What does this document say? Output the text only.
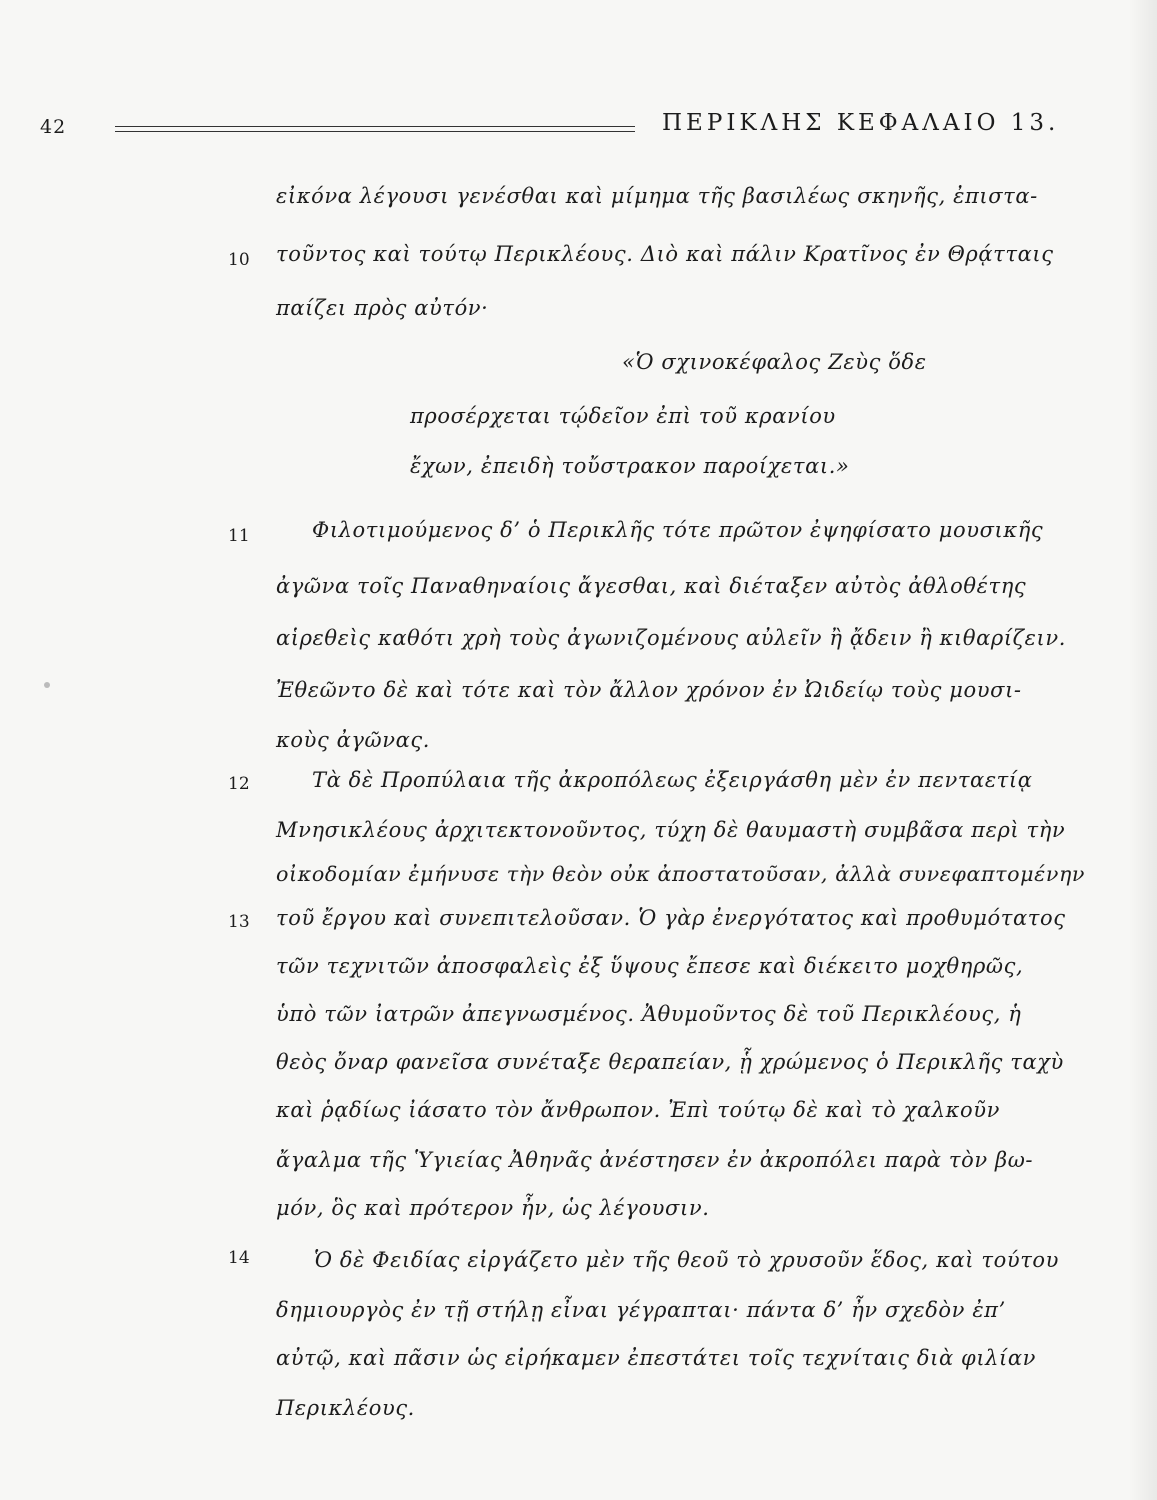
42	ΠΕΡΙΚΛΗΣ ΚΕΦΑΛΑΙΟ 13.
10
11
12
13
14
εἰκόνα λέγουσι γενέσθαι καὶ μίμημα τῆς βασιλέως σκηνῆς, ἐπιστα-
τοῦντος καὶ τούτῳ Περικλέους. Διὸ καὶ πάλιν Κρατῖνος ἐν Θρᾴτταις
παίζει πρὸς αὐτόν·
«Ὁ σχινοκέφαλος Ζεὺς ὅδε
προσέρχεται τῴδεῖον ἐπὶ τοῦ κρανίου
ἔχων, ἐπειδὴ τοὔστρακον παροίχεται.»
Φιλοτιμούμενος δ’ ὁ Περικλῆς τότε πρῶτον ἐψηφίσατο μουσικῆς
ἀγῶνα τοῖς Παναθηναίοις ἄγεσθαι, καὶ διέταξεν αὐτὸς ἀθλοθέτης
αἱρεθεὶς καθότι χρὴ τοὺς ἀγωνιζομένους αὐλεῖν ἢ ᾄδειν ἢ κιθαρίζειν.
Ἐθεῶντο δὲ καὶ τότε καὶ τὸν ἄλλον χρόνον ἐν Ὠιδείῳ τοὺς μουσι-
κοὺς ἀγῶνας.
Τὰ δὲ Προπύλαια τῆς ἀκροπόλεως ἐξειργάσθη μὲν ἐν πενταετίᾳ
Μνησικλέους ἀρχιτεκτονοῦντος, τύχη δὲ θαυμαστὴ συμβᾶσα περὶ τὴν
οἰκοδομίαν ἐμήνυσε τὴν θεὸν οὐκ ἀποστατοῦσαν, ἀλλὰ συνεφαπτομένην
τοῦ ἔργου καὶ συνεπιτελοῦσαν. Ὁ γὰρ ἐνεργότατος καὶ προθυμότατος
τῶν τεχνιτῶν ἀποσφαλεὶς ἐξ ὕψους ἔπεσε καὶ διέκειτο μοχθηρῶς,
ὑπὸ τῶν ἰατρῶν ἀπεγνωσμένος. Ἀθυμοῦντος δὲ τοῦ Περικλέους, ἡ
θεὸς ὄναρ φανεῖσα συνέταξε θεραπείαν, ᾗ χρώμενος ὁ Περικλῆς ταχὺ
καὶ ῥᾳδίως ἰάσατο τὸν ἄνθρωπον. Ἐπὶ τούτῳ δὲ καὶ τὸ χαλκοῦν
ἄγαλμα τῆς Ὑγιείας Ἀθηνᾶς ἀνέστησεν ἐν ἀκροπόλει παρὰ τὸν βω-
μόν, ὃς καὶ πρότερον ἦν, ὡς λέγουσιν.
Ὁ δὲ Φειδίας εἰργάζετο μὲν τῆς θεοῦ τὸ χρυσοῦν ἕδος, καὶ τούτου
δημιουργὸς ἐν τῇ στήλῃ εἶναι γέγραπται· πάντα δ’ ἦν σχεδὸν ἐπ’
αὐτῷ, καὶ πᾶσιν ὡς εἰρήκαμεν ἐπεστάτει τοῖς τεχνίταις διὰ φιλίαν
Περικλέους.
